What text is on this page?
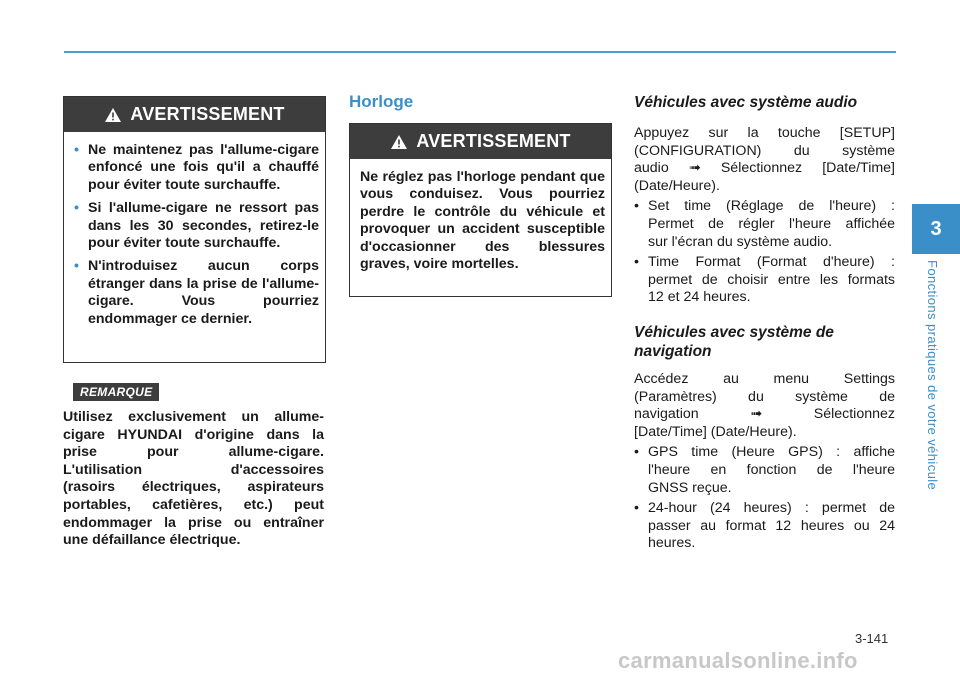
AVERTISSEMENT
• Ne maintenez pas l'allume-cigare enfoncé une fois qu'il a chauffé pour éviter toute surchauffe.
• Si l'allume-cigare ne ressort pas dans les 30 secondes, retirez-le pour éviter toute surchauffe.
• N'introduisez aucun corps étranger dans la prise de l'allume-cigare. Vous pourriez endommager ce dernier.
REMARQUE
Utilisez exclusivement un allume-
cigare HYUNDAI d'origine dans la
prise pour allume-cigare.
L'utilisation d'accessoires
(rasoirs électriques, aspirateurs
portables, cafetières, etc.) peut
endommager la prise ou entraîner
une défaillance électrique.
Horloge
AVERTISSEMENT
Ne réglez pas l'horloge pendant que vous conduisez. Vous pourriez perdre le contrôle du véhicule et provoquer un accident susceptible d'occasionner des blessures graves, voire mortelles.
Véhicules avec système audio
Appuyez sur la touche [SETUP]
(CONFIGURATION) du système
audio ➟ Sélectionnez [Date/Time]
(Date/Heure).
• Set time (Réglage de l'heure) :
Permet de régler l'heure affichée
sur l'écran du système audio.
• Time Format (Format d'heure) :
permet de choisir entre les formats
12 et 24 heures.
Véhicules avec système de
navigation
Accédez au menu Settings
(Paramètres) du système de
navigation ➟ Sélectionnez
[Date/Time] (Date/Heure).
• GPS time (Heure GPS) : affiche
l'heure en fonction de l'heure
GNSS reçue.
• 24-hour (24 heures) : permet de
passer au format 12 heures ou 24
heures.
3
Fonctions pratiques de votre véhicule
3-141
carmanualsonline.info
